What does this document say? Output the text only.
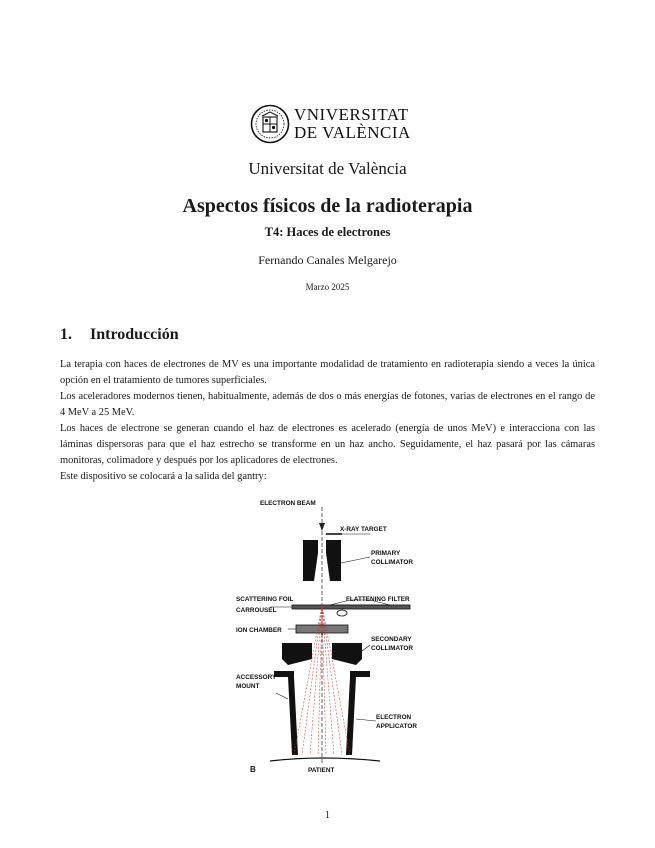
VNIVERSITAT
DE VALÈNCIA
Universitat de València
Aspectos físicos de la radioterapia
T4: Haces de electrones
Fernando Canales Melgarejo
Marzo 2025
1. Introducción
La terapia con haces de electrones de MV es una importante modalidad de tratamiento en radioterapia siendo a veces la única opción en el tratamiento de tumores superficiales.
Los aceleradores modernos tienen, habitualmente, además de dos o más energías de fotones, varias de electrones en el rango de 4 MeV a 25 MeV.
Los haces de electrone se generan cuando el haz de electrones es acelerado (energía de unos MeV) e interacciona con las láminas dispersoras para que el haz estrecho se transforme en un haz ancho. Seguidamente, el haz pasará por las cámaras monitoras, colimadore y después por los aplicadores de electrones.
Este dispositivo se colocará a la salida del gantry:
ELECTRON BEAM
X-RAY TARGET
PRIMARY
COLLIMATOR
SCATTERING FOIL
CARROUSEL
FLATTENING FILTER
ION CHAMBER
SECONDARY
COLLIMATOR
ACCESSORY
MOUNT
ELECTRON
APPLICATOR
B	PATIENT
1
